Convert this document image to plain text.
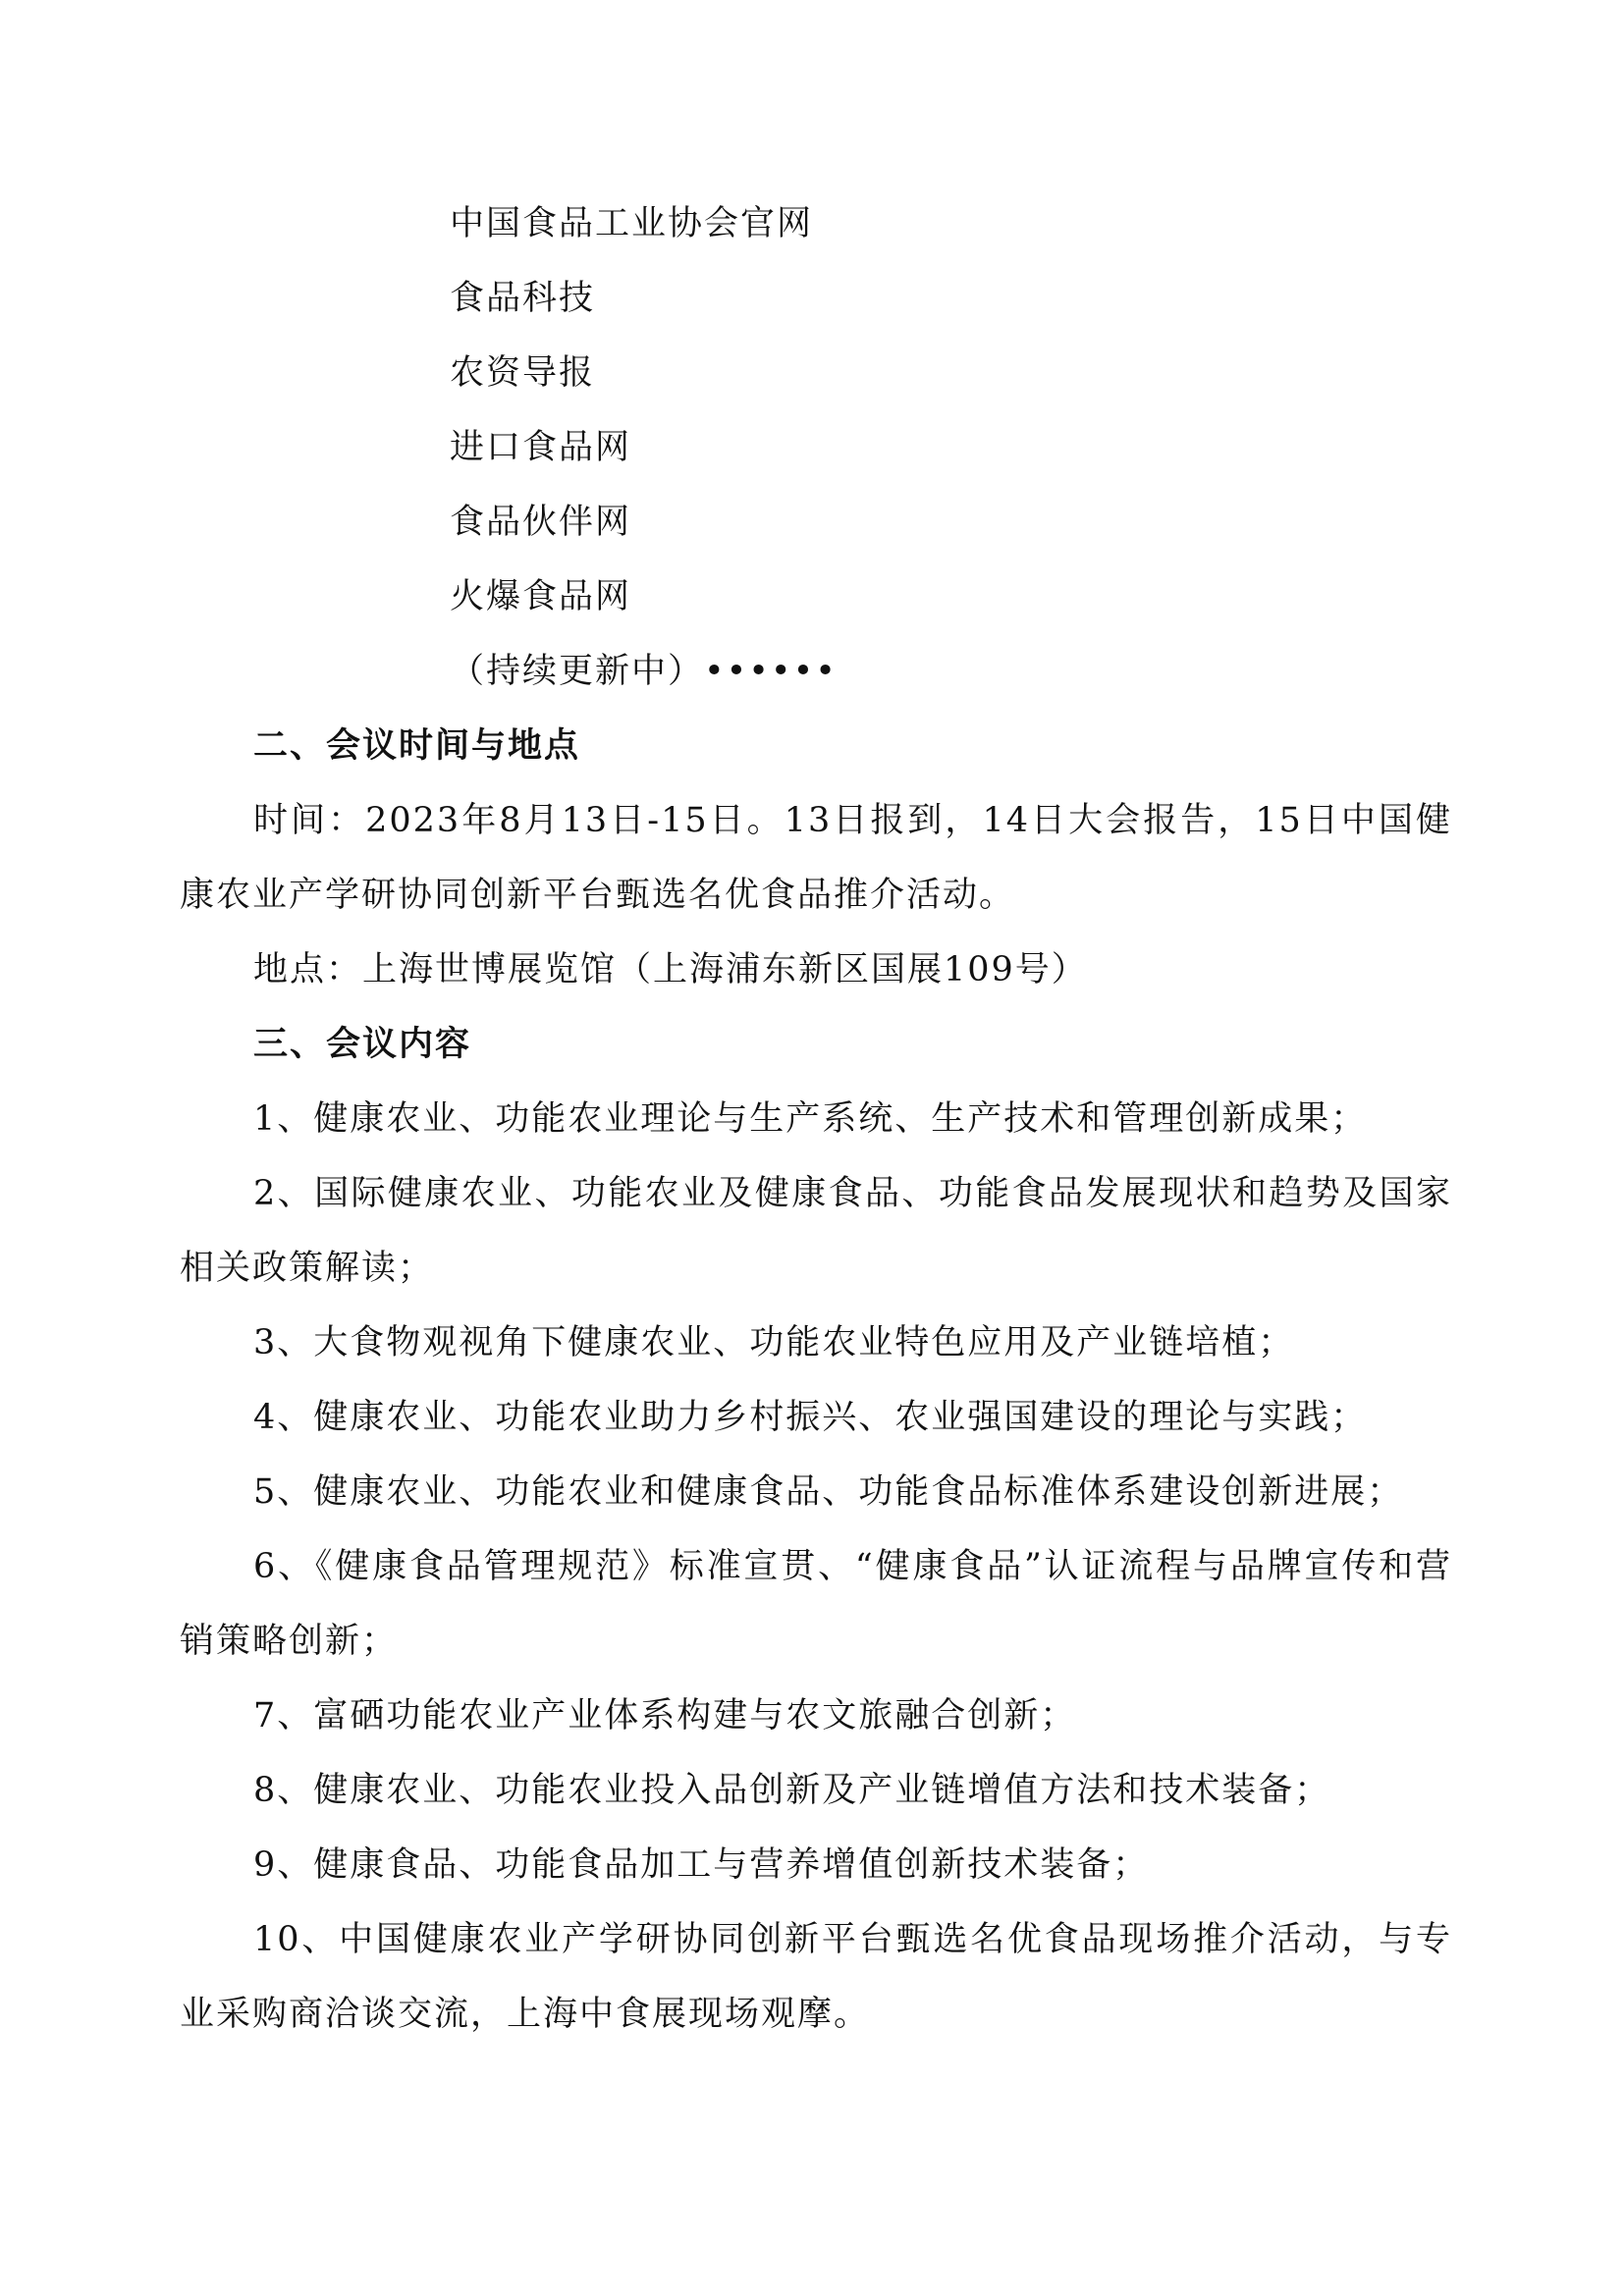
中国食品工业协会官网
食品科技
农资导报
进口食品网
食品伙伴网
火爆食品网
（持续更新中）••••••

二、会议时间与地点

时间：2023年8月13日-15日。13日报到，14日大会报告，15日中国健康农业产学研协同创新平台甄选名优食品推介活动。

地点：上海世博展览馆（上海浦东新区国展109号）

三、会议内容

1、健康农业、功能农业理论与生产系统、生产技术和管理创新成果；

2、国际健康农业、功能农业及健康食品、功能食品发展现状和趋势及国家相关政策解读；

3、大食物观视角下健康农业、功能农业特色应用及产业链培植；

4、健康农业、功能农业助力乡村振兴、农业强国建设的理论与实践；

5、健康农业、功能农业和健康食品、功能食品标准体系建设创新进展；

6、《健康食品管理规范》标准宣贯、“健康食品”认证流程与品牌宣传和营销策略创新；

7、富硒功能农业产业体系构建与农文旅融合创新；

8、健康农业、功能农业投入品创新及产业链增值方法和技术装备；

9、健康食品、功能食品加工与营养增值创新技术装备；

10、中国健康农业产学研协同创新平台甄选名优食品现场推介活动，与专业采购商洽谈交流，上海中食展现场观摩。
